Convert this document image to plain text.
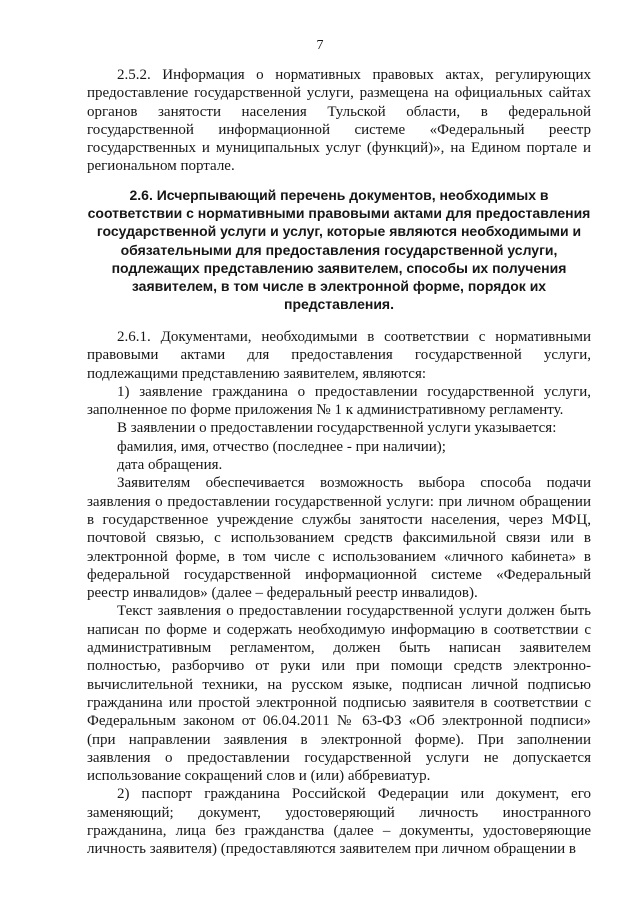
7

2.5.2. Информация о нормативных правовых актах, регулирующих предоставление государственной услуги, размещена на официальных сайтах органов занятости населения Тульской области, в федеральной государственной информационной системе «Федеральный реестр государственных и муниципальных услуг (функций)», на Едином портале и региональном портале.

2.6. Исчерпывающий перечень документов, необходимых в соответствии с нормативными правовыми актами для предоставления государственной услуги и услуг, которые являются необходимыми и обязательными для предоставления государственной услуги, подлежащих представлению заявителем, способы их получения заявителем, в том числе в электронной форме, порядок их представления.

2.6.1. Документами, необходимыми в соответствии с нормативными правовыми актами для предоставления государственной услуги, подлежащими представлению заявителем, являются:

1) заявление гражданина о предоставлении государственной услуги, заполненное по форме приложения № 1 к административному регламенту.

В заявлении о предоставлении государственной услуги указывается:

фамилия, имя, отчество (последнее - при наличии);

дата обращения.

Заявителям обеспечивается возможность выбора способа подачи заявления о предоставлении государственной услуги: при личном обращении в государственное учреждение службы занятости населения, через МФЦ, почтовой связью, с использованием средств факсимильной связи или в электронной форме, в том числе с использованием «личного кабинета» в федеральной государственной информационной системе «Федеральный реестр инвалидов» (далее – федеральный реестр инвалидов).

Текст заявления о предоставлении государственной услуги должен быть написан по форме и содержать необходимую информацию в соответствии с административным регламентом, должен быть написан заявителем полностью, разборчиво от руки или при помощи средств электронно-вычислительной техники, на русском языке, подписан личной подписью гражданина или простой электронной подписью заявителя в соответствии с Федеральным законом от 06.04.2011 № 63-ФЗ «Об электронной подписи» (при направлении заявления в электронной форме). При заполнении заявления о предоставлении государственной услуги не допускается использование сокращений слов и (или) аббревиатур.

2) паспорт гражданина Российской Федерации или документ, его заменяющий; документ, удостоверяющий личность иностранного гражданина, лица без гражданства (далее – документы, удостоверяющие личность заявителя) (предоставляются заявителем при личном обращении в
